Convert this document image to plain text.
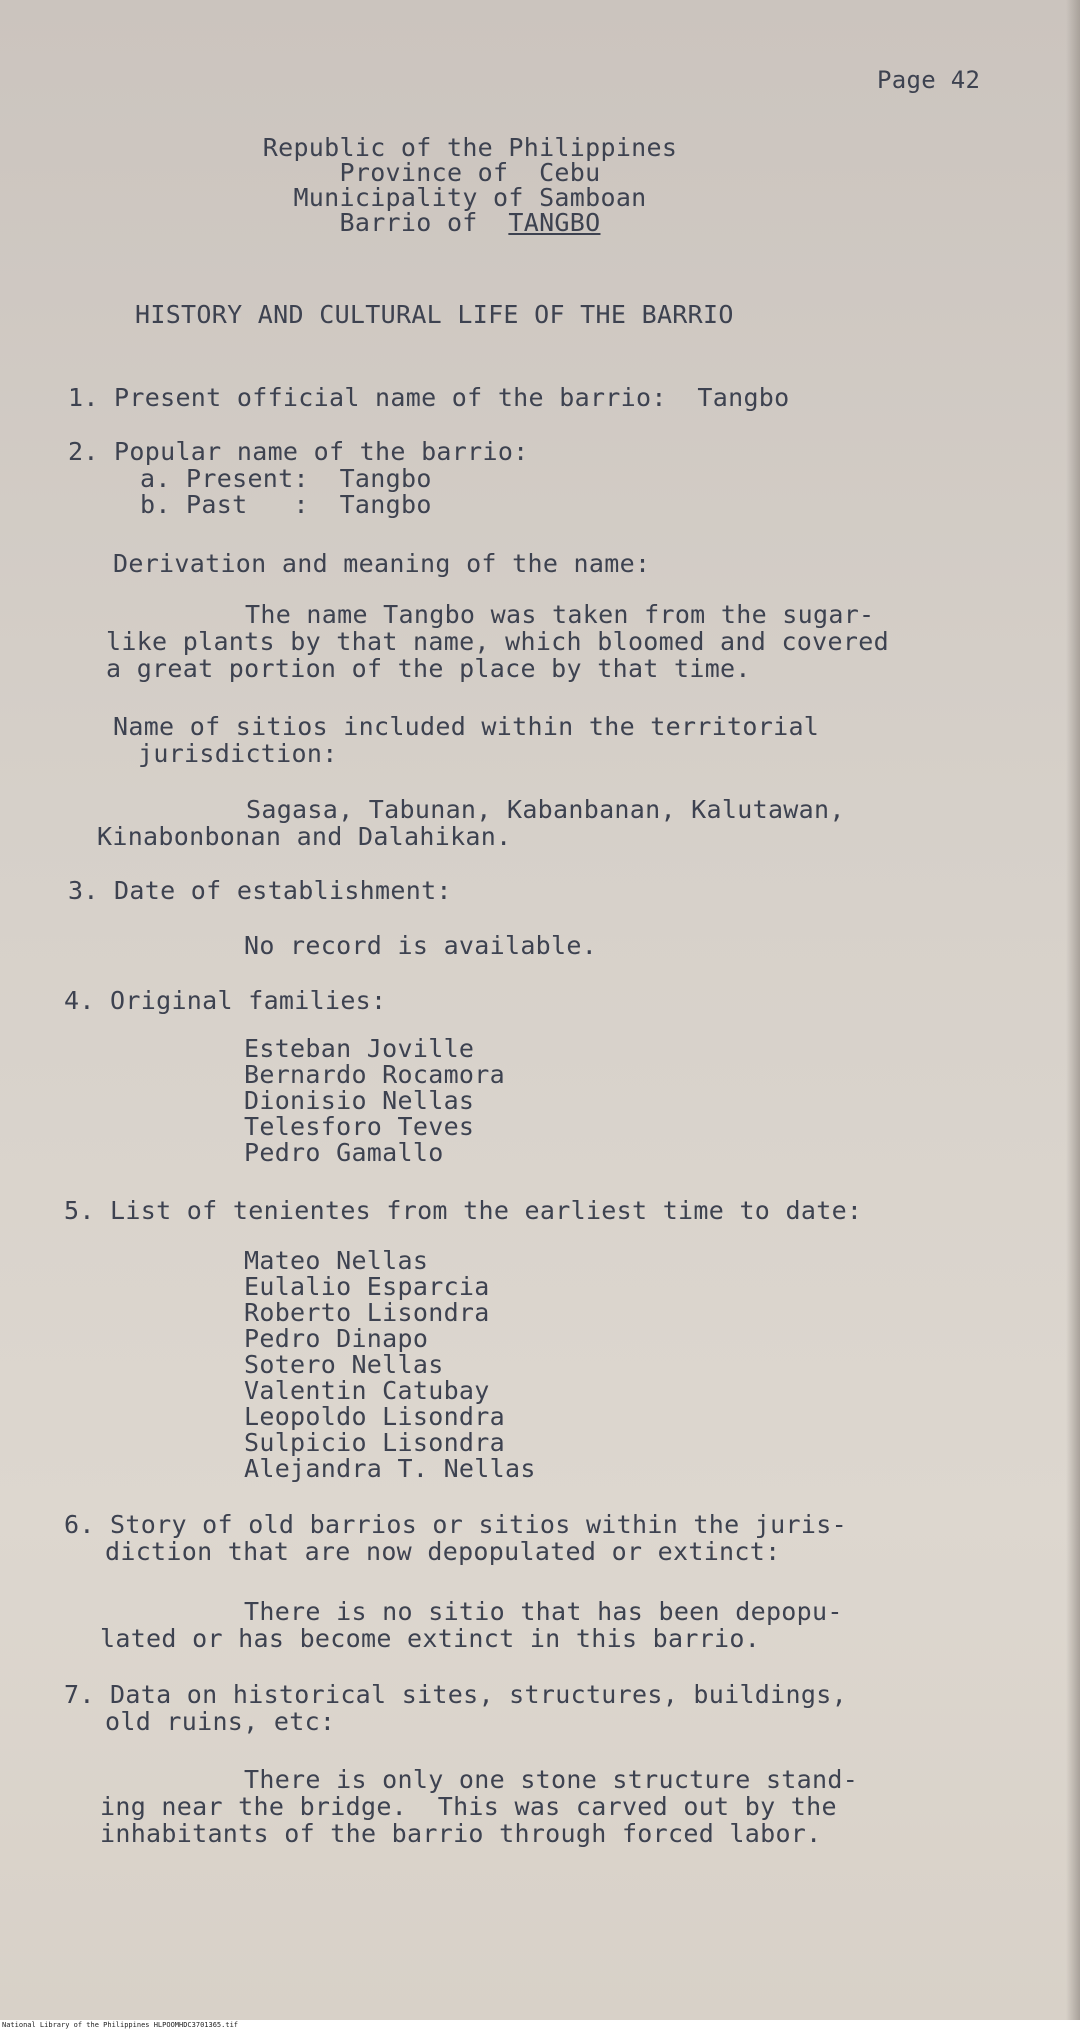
Page 42
Republic of the Philippines
Province of  Cebu
Municipality of Samboan
Barrio of  TANGBO
HISTORY AND CULTURAL LIFE OF THE BARRIO
1. Present official name of the barrio:  Tangbo
2. Popular name of the barrio:
a. Present:  Tangbo
b. Past   :  Tangbo
Derivation and meaning of the name:
The name Tangbo was taken from the sugar-
like plants by that name, which bloomed and covered
a great portion of the place by that time.
Name of sitios included within the territorial
jurisdiction:
Sagasa, Tabunan, Kabanbanan, Kalutawan,
Kinabonbonan and Dalahikan.
3. Date of establishment:
No record is available.
4. Original families:
Esteban Joville
Bernardo Rocamora
Dionisio Nellas
Telesforo Teves
Pedro Gamallo
5. List of tenientes from the earliest time to date:
Mateo Nellas
Eulalio Esparcia
Roberto Lisondra
Pedro Dinapo
Sotero Nellas
Valentin Catubay
Leopoldo Lisondra
Sulpicio Lisondra
Alejandra T. Nellas
6. Story of old barrios or sitios within the juris-
diction that are now depopulated or extinct:
There is no sitio that has been depopu-
lated or has become extinct in this barrio.
7. Data on historical sites, structures, buildings,
old ruins, etc:
There is only one stone structure stand-
ing near the bridge.  This was carved out by the
inhabitants of the barrio through forced labor.
National Library of the Philippines HLPOOMHDC3701365.tif
